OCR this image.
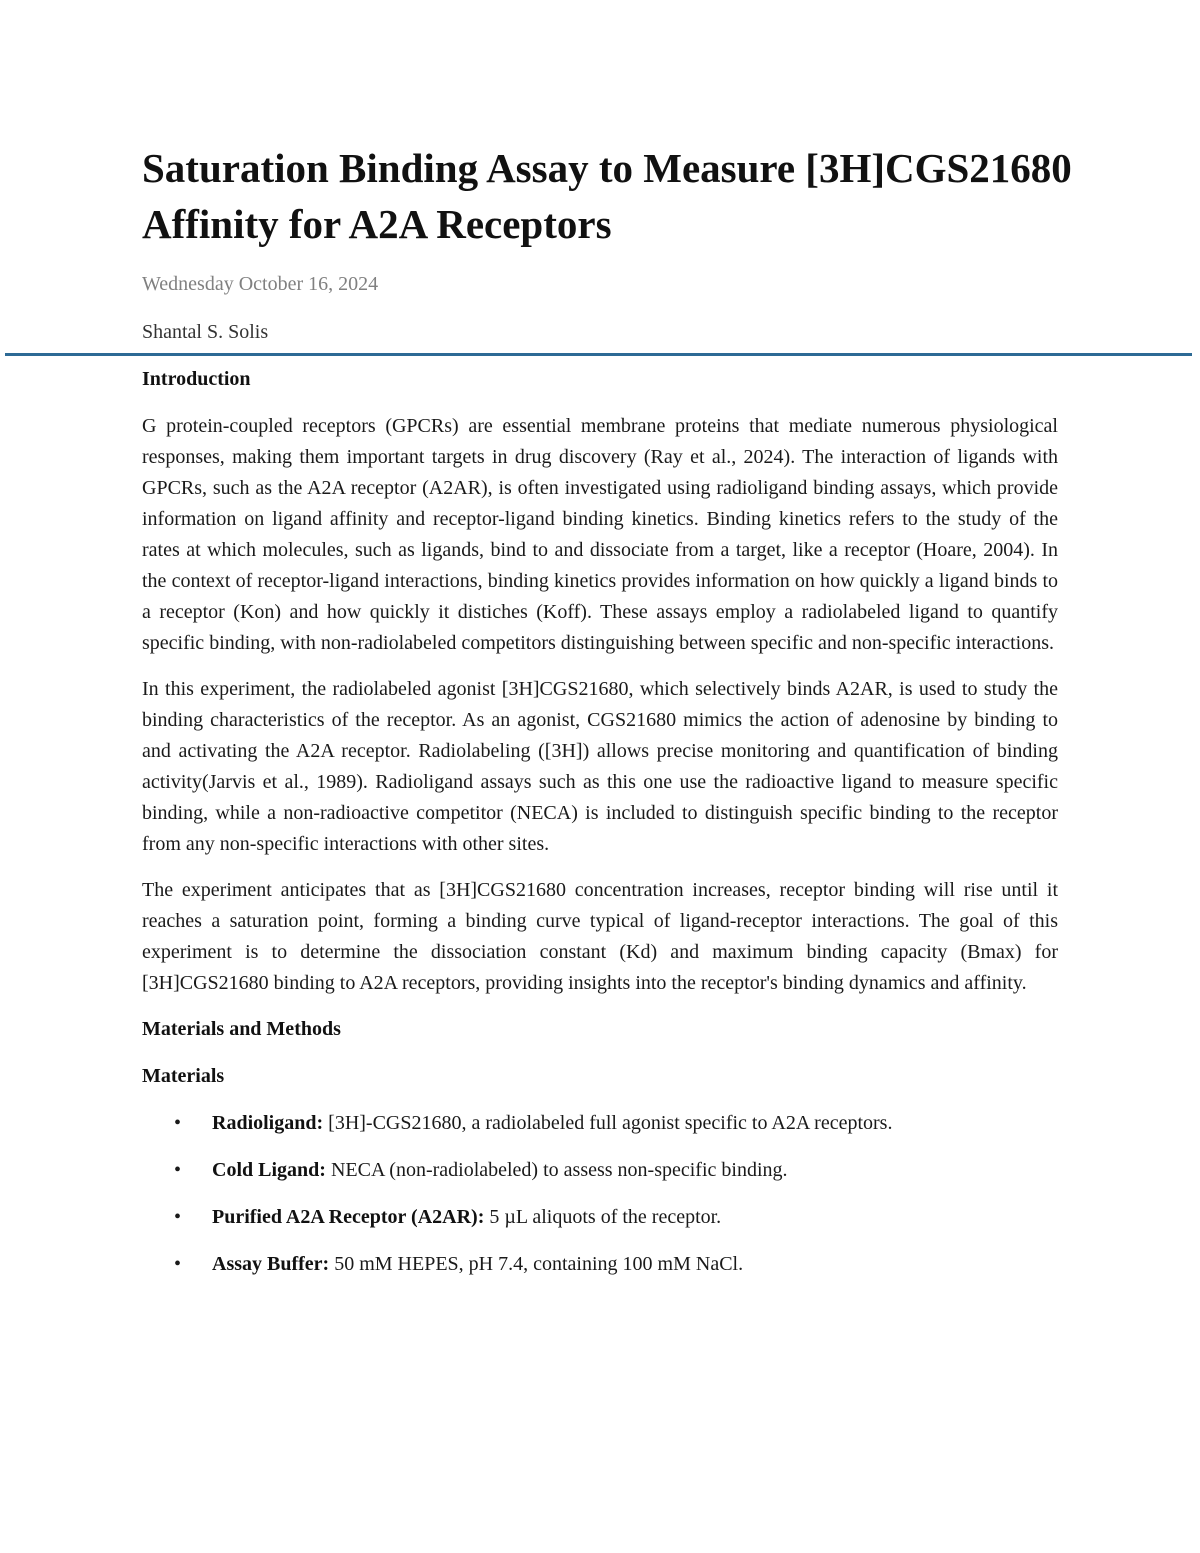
Saturation Binding Assay to Measure [3H]CGS21680 Affinity for A2A Receptors

Wednesday October 16, 2024

Shantal S. Solis

Introduction

G protein-coupled receptors (GPCRs) are essential membrane proteins that mediate numerous physiological responses, making them important targets in drug discovery (Ray et al., 2024). The interaction of ligands with GPCRs, such as the A2A receptor (A2AR), is often investigated using radioligand binding assays, which provide information on ligand affinity and receptor-ligand binding kinetics. Binding kinetics refers to the study of the rates at which molecules, such as ligands, bind to and dissociate from a target, like a receptor (Hoare, 2004). In the context of receptor-ligand interactions, binding kinetics provides information on how quickly a ligand binds to a receptor (Kon) and how quickly it distiches (Koff). These assays employ a radiolabeled ligand to quantify specific binding, with non-radiolabeled competitors distinguishing between specific and non-specific interactions.

In this experiment, the radiolabeled agonist [3H]CGS21680, which selectively binds A2AR, is used to study the binding characteristics of the receptor. As an agonist, CGS21680 mimics the action of adenosine by binding to and activating the A2A receptor. Radiolabeling ([3H]) allows precise monitoring and quantification of binding activity(Jarvis et al., 1989). Radioligand assays such as this one use the radioactive ligand to measure specific binding, while a non-radioactive competitor (NECA) is included to distinguish specific binding to the receptor from any non-specific interactions with other sites.

The experiment anticipates that as [3H]CGS21680 concentration increases, receptor binding will rise until it reaches a saturation point, forming a binding curve typical of ligand-receptor interactions. The goal of this experiment is to determine the dissociation constant (Kd) and maximum binding capacity (Bmax) for [3H]CGS21680 binding to A2A receptors, providing insights into the receptor's binding dynamics and affinity.

Materials and Methods
Materials
• Radioligand: [3H]-CGS21680, a radiolabeled full agonist specific to A2A receptors.
• Cold Ligand: NECA (non-radiolabeled) to assess non-specific binding.
• Purified A2A Receptor (A2AR): 5 µL aliquots of the receptor.
• Assay Buffer: 50 mM HEPES, pH 7.4, containing 100 mM NaCl.
